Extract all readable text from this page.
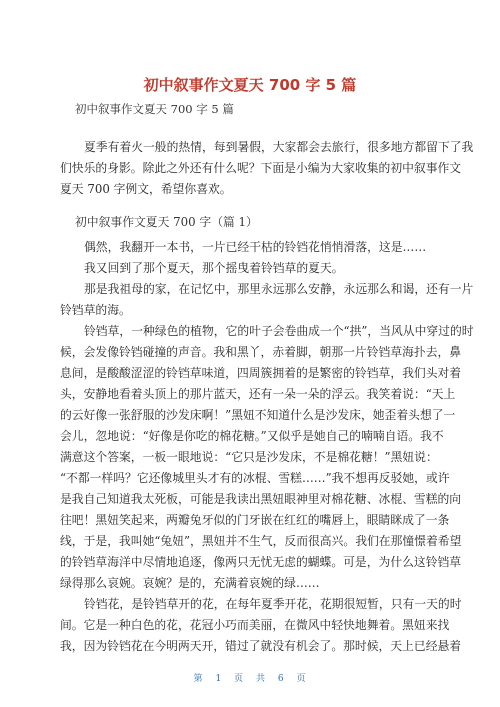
初中叙事作文夏天 700 字 5 篇
初中叙事作文夏天 700 字 5 篇
夏季有着火一般的热情，每到暑假，大家都会去旅行，很多地方都留下了我
们快乐的身影。除此之外还有什么呢？下面是小编为大家收集的初中叙事作文
夏天 700 字例文，希望你喜欢。
初中叙事作文夏天 700 字（篇 1）
偶然，我翻开一本书，一片已经干枯的铃铛花悄悄滑落，这是……
我又回到了那个夏天，那个摇曳着铃铛草的夏天。
那是我祖母的家，在记忆中，那里永远那么安静，永远那么和谒，还有一片
铃铛草的海。
铃铛草，一种绿色的植物，它的叶子会卷曲成一个“拱”，当风从中穿过的时
候，会发像铃铛碰撞的声音。我和黑丫，赤着脚，朝那一片铃铛草海扑去，鼻
息间，是酸酸涩涩的铃铛草味道，四周簇拥着的是繁密的铃铛草，我们头对着
头，安静地看着头顶上的那片蓝天，还有一朵一朵的浮云。我笑着说：“天上
的云好像一张舒服的沙发床啊！”黑妞不知道什么是沙发床，她歪着头想了一
会儿，忽地说：“好像是你吃的棉花糖。”又似乎是她自己的喃喃自语。我不
满意这个答案，一板一眼地说：“它只是沙发床，不是棉花糖！”黑妞说：
“不都一样吗？它还像城里头才有的冰棍、雪糕……”我不想再反驳她，或许
是我自己知道我太死板，可能是我读出黑妞眼神里对棉花糖、冰棍、雪糕的向
往吧！黑妞笑起来，两瓣兔牙似的门牙嵌在红红的嘴唇上，眼睛眯成了一条
线，于是，我叫她“兔妞”，黑妞并不生气，反而很高兴。我们在那憧憬着希望
的铃铛草海洋中尽情地追逐，像两只无忧无虑的蝴蝶。可是，为什么这铃铛草
绿得那么哀婉。哀婉？是的，充满着哀婉的绿……
铃铛花，是铃铛草开的花，在每年夏季开花，花期很短暂，只有一天的时
间。它是一种白色的花，花冠小巧而美丽，在微风中轻快地舞着。黑妞来找
我，因为铃铛花在今明两天开，错过了就没有机会了。那时候，天上已经悬着
第 1 页 共 6 页
